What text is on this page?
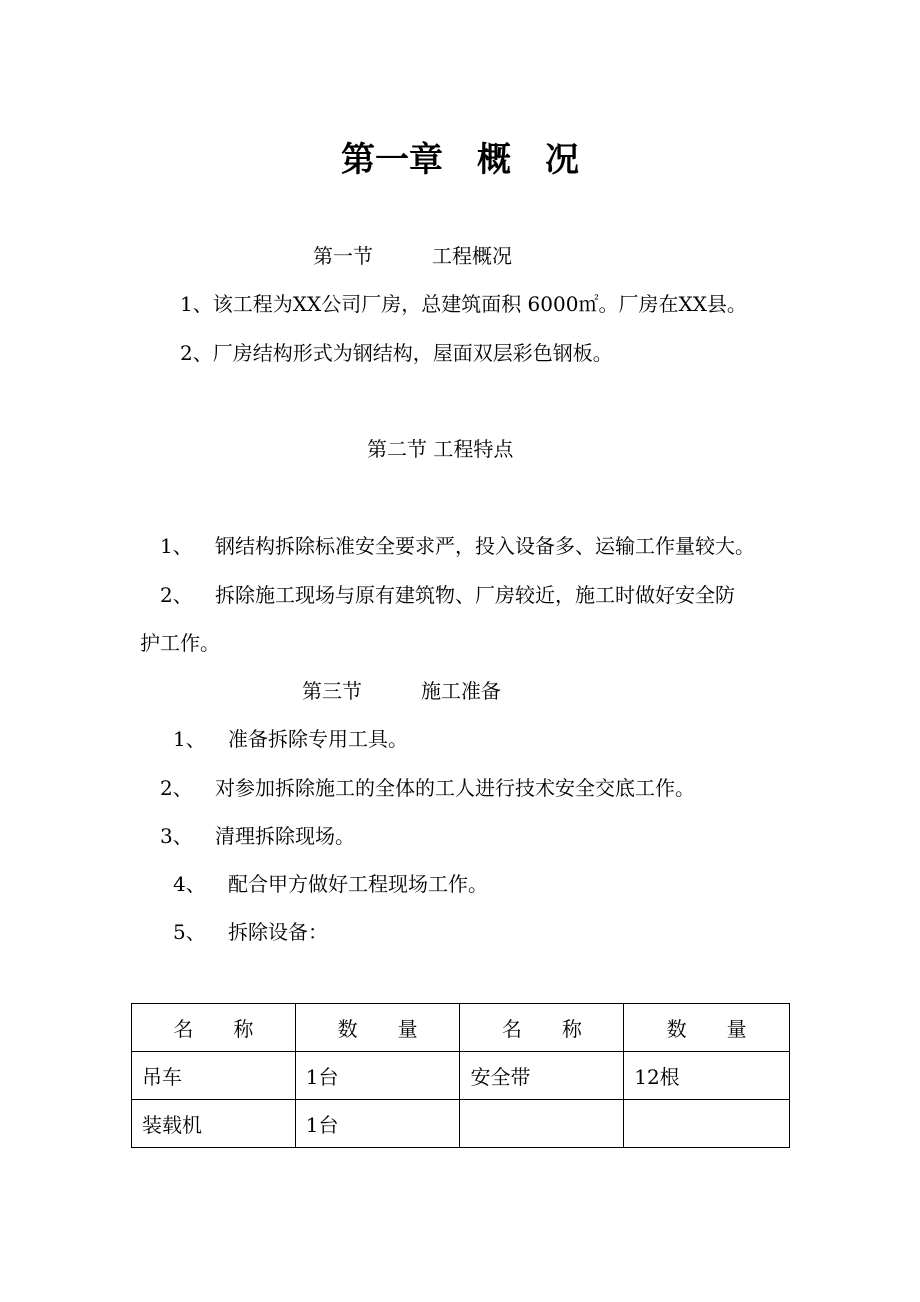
第一章　概　况
第一节	工程概况
1、该工程为XX公司厂房，总建筑面积 6000㎡。厂房在XX县。
2、厂房结构形式为钢结构，屋面双层彩色钢板。
第二节 工程特点
1、 钢结构拆除标准安全要求严，投入设备多、运输工作量较大。
2、 拆除施工现场与原有建筑物、厂房较近，施工时做好安全防
护工作。
第三节	施工准备
1、 准备拆除专用工具。
2、 对参加拆除施工的全体的工人进行技术安全交底工作。
3、 清理拆除现场。
4、 配合甲方做好工程现场工作。
5、 拆除设备：
名　　称	数　　量	名　　称	数　　量
吊车	1台	安全带	12根
装载机	1台		
